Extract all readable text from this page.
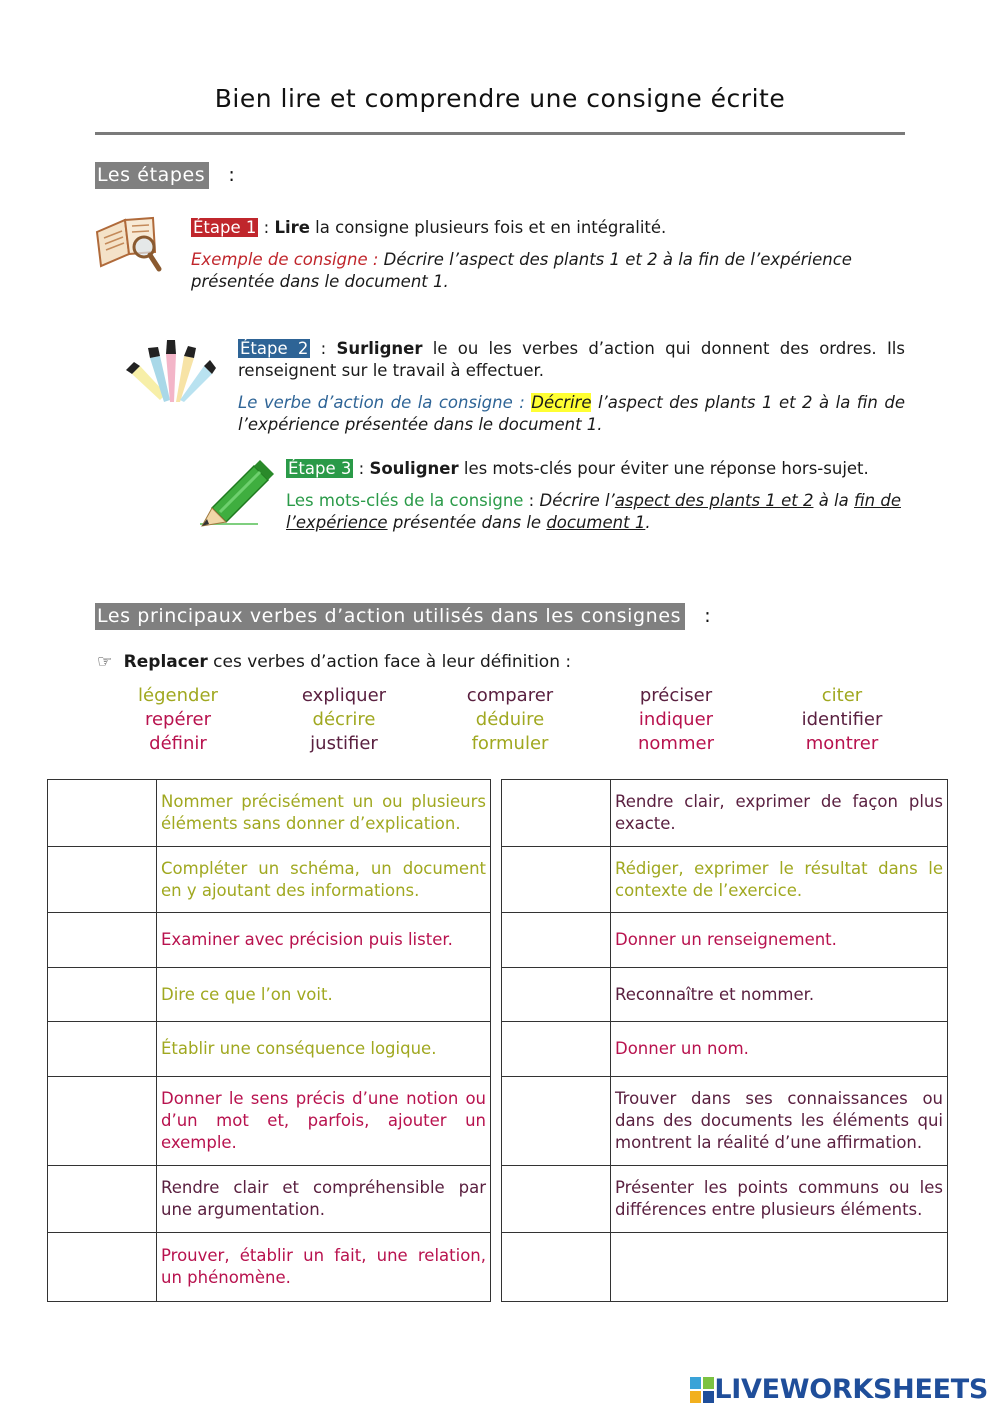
Bien lire et comprendre une consigne écrite
Les étapes :
Étape 1 : Lire la consigne plusieurs fois et en intégralité.
Exemple de consigne : Décrire l’aspect des plants 1 et 2 à la fin de l’expérience présentée dans le document 1.
Étape 2 : Surligner le ou les verbes d’action qui donnent des ordres. Ils renseignent sur le travail à effectuer.
Le verbe d’action de la consigne : Décrire l’aspect des plants 1 et 2 à la fin de l’expérience présentée dans le document 1.
Étape 3 : Souligner les mots-clés pour éviter une réponse hors-sujet.
Les mots-clés de la consigne : Décrire l’aspect des plants 1 et 2 à la fin de l’expérience présentée dans le document 1.
Les principaux verbes d’action utilisés dans les consignes :
☞ Replacer ces verbes d’action face à leur définition :
légender	expliquer	comparer	préciser	citer
repérer	décrire	déduire	indiquer	identifier
définir	justifier	formuler	nommer	montrer
	Nommer précisément un ou plusieurs éléments sans donner d’explication.
	Compléter un schéma, un document en y ajoutant des informations.
	Examiner avec précision puis lister.
	Dire ce que l’on voit.
	Établir une conséquence logique.
	Donner le sens précis d’une notion ou d’un mot et, parfois, ajouter un exemple.
	Rendre clair et compréhensible par une argumentation.
	Prouver, établir un fait, une relation, un phénomène.
	Rendre clair, exprimer de façon plus exacte.
	Rédiger, exprimer le résultat dans le contexte de l’exercice.
	Donner un renseignement.
	Reconnaître et nommer.
	Donner un nom.
	Trouver dans ses connaissances ou dans des documents les éléments qui montrent la réalité d’une affirmation.
	Présenter les points communs ou les différences entre plusieurs éléments.

LIVEWORKSHEETS
